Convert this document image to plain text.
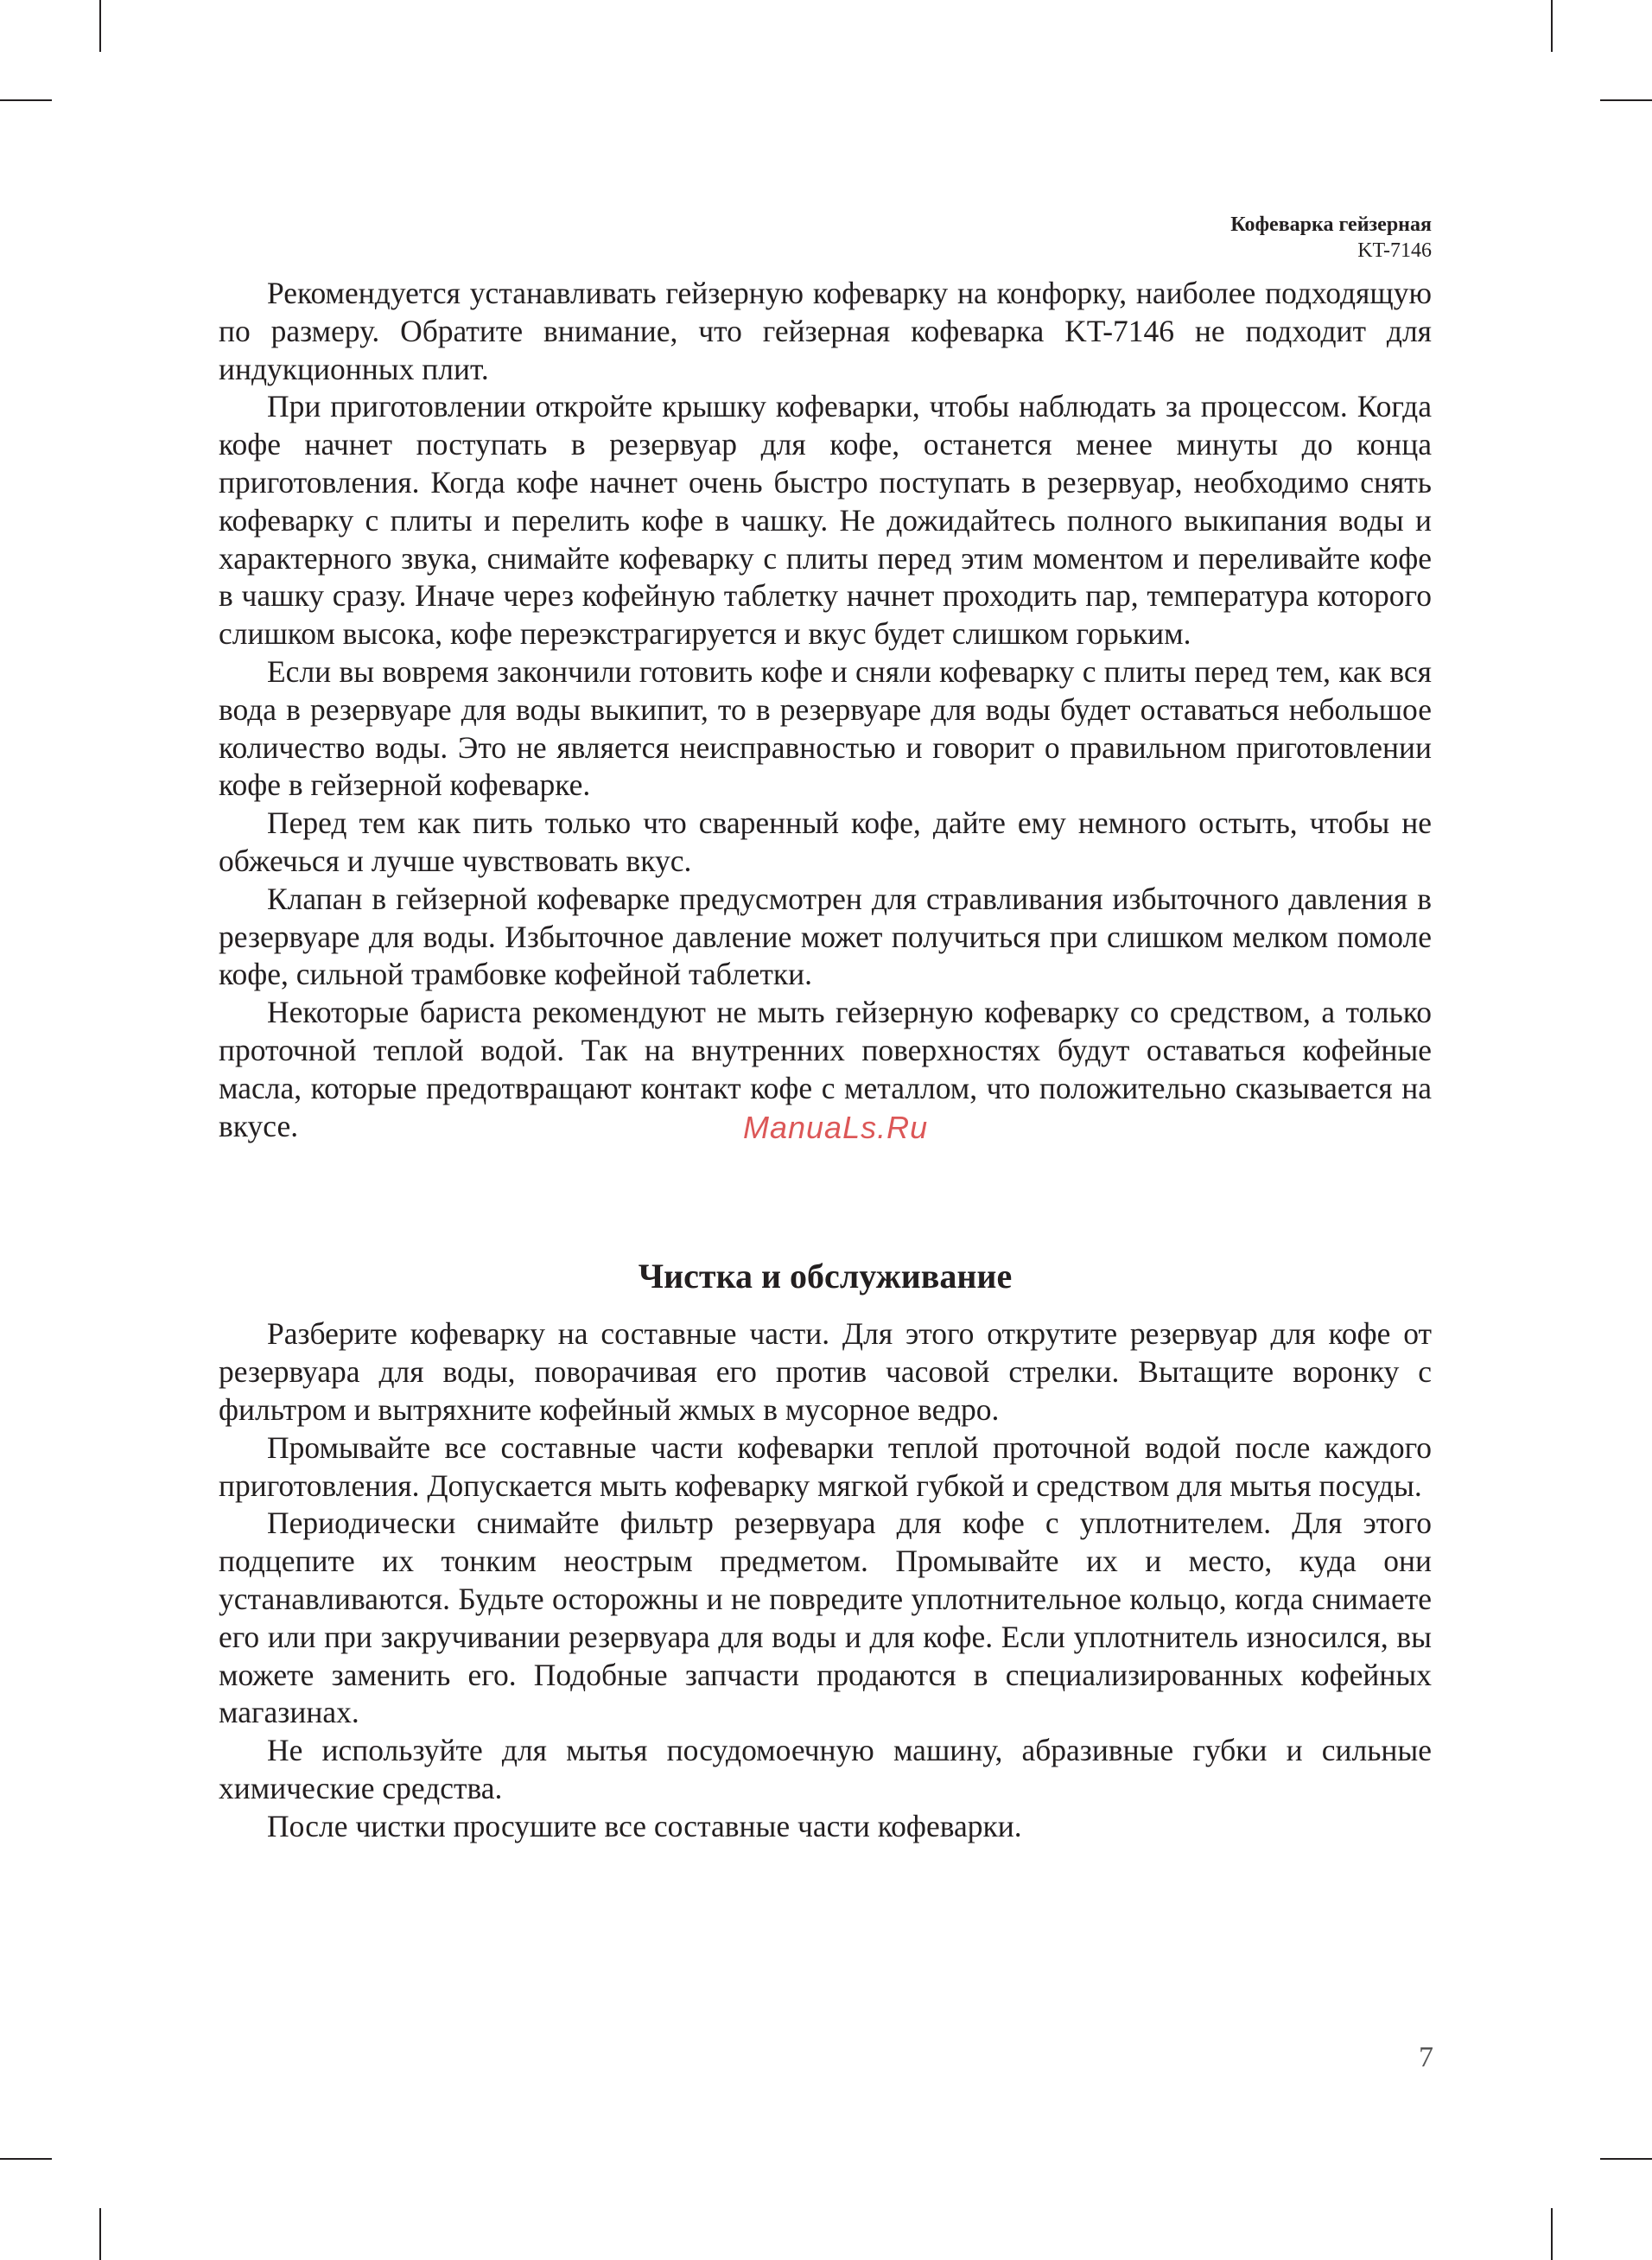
Кофеварка гейзерная
KT-7146

Рекомендуется устанавливать гейзерную кофеварку на конфорку, наиболее подходящую по размеру. Обратите внимание, что гейзерная кофеварка KT-7146 не подходит для индукционных плит.

При приготовлении откройте крышку кофеварки, чтобы наблюдать за процессом. Когда кофе начнет поступать в резервуар для кофе, останется менее минуты до конца приготовления. Когда кофе начнет очень быстро поступать в резервуар, необходимо снять кофеварку с плиты и перелить кофе в чашку. Не дожидайтесь полного выкипания воды и характерного звука, снимайте кофеварку с плиты перед этим моментом и переливайте кофе в чашку сразу. Иначе через кофейную таблетку начнет проходить пар, температура которого слишком высока, кофе переэкстрагируется и вкус будет слишком горьким.

Если вы вовремя закончили готовить кофе и сняли кофеварку с плиты перед тем, как вся вода в резервуаре для воды выкипит, то в резервуаре для воды будет оставаться небольшое количество воды. Это не является неисправностью и говорит о правильном приготовлении кофе в гейзерной кофеварке.

Перед тем как пить только что сваренный кофе, дайте ему немного остыть, чтобы не обжечься и лучше чувствовать вкус.

Клапан в гейзерной кофеварке предусмотрен для стравливания избыточного давления в резервуаре для воды. Избыточное давление может получиться при слишком мелком помоле кофе, сильной трамбовке кофейной таблетки.

Некоторые бариста рекомендуют не мыть гейзерную кофеварку со средством, а только проточной теплой водой. Так на внутренних поверхностях будут оставаться кофейные масла, которые предотвращают контакт кофе с металлом, что положительно сказывается на вкусе.

Чистка и обслуживание

Разберите кофеварку на составные части. Для этого открутите резервуар для кофе от резервуара для воды, поворачивая его против часовой стрелки. Вытащите воронку с фильтром и вытряхните кофейный жмых в мусорное ведро.

Промывайте все составные части кофеварки теплой проточной водой после каждого приготовления. Допускается мыть кофеварку мягкой губкой и средством для мытья посуды.

Периодически снимайте фильтр резервуара для кофе с уплотнителем. Для этого подцепите их тонким неострым предметом. Промывайте их и место, куда они устанавливаются. Будьте осторожны и не повредите уплотнительное кольцо, когда снимаете его или при закручивании резервуара для воды и для кофе. Если уплотнитель износился, вы можете заменить его. Подобные запчасти продаются в специализированных кофейных магазинах.

Не используйте для мытья посудомоечную машину, абразивные губки и сильные химические средства.

После чистки просушите все составные части кофеварки.

ManuaLs.Ru
7
